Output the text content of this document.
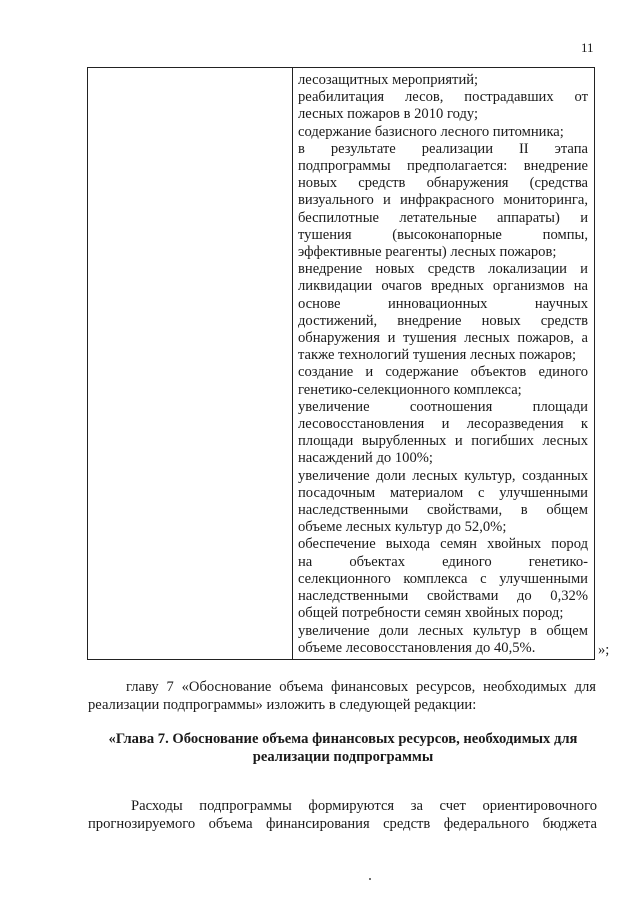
11
лесозащитных мероприятий;
реабилитация лесов, пострадавших от
лесных пожаров в 2010 году;
содержание базисного лесного питомника;
в результате реализации II этапа
подпрограммы предполагается: внедрение
новых средств обнаружения (средства
визуального и инфракрасного мониторинга,
беспилотные летательные аппараты) и
тушения (высоконапорные помпы,
эффективные реагенты) лесных пожаров;
внедрение новых средств локализации и
ликвидации очагов вредных организмов на
основе инновационных научных
достижений, внедрение новых средств
обнаружения и тушения лесных пожаров, а
также технологий тушения лесных пожаров;
создание и содержание объектов единого
генетико-селекционного комплекса;
увеличение соотношения площади
лесовосстановления и лесоразведения к
площади вырубленных и погибших лесных
насаждений до 100%;
увеличение доли лесных культур, созданных
посадочным материалом с улучшенными
наследственными свойствами, в общем
объеме лесных культур до 52,0%;
обеспечение выхода семян хвойных пород
на объектах единого генетико-
селекционного комплекса с улучшенными
наследственными свойствами до 0,32%
общей потребности семян хвойных пород;
увеличение доли лесных культур в общем
объеме лесовосстановления до 40,5%.	»;
главу 7 «Обоснование объема финансовых ресурсов, необходимых для
реализации подпрограммы» изложить в следующей редакции:
«Глава 7. Обоснование объема финансовых ресурсов, необходимых для
реализации подпрограммы
Расходы подпрограммы формируются за счет ориентировочного
прогнозируемого объема финансирования средств федерального бюджета
